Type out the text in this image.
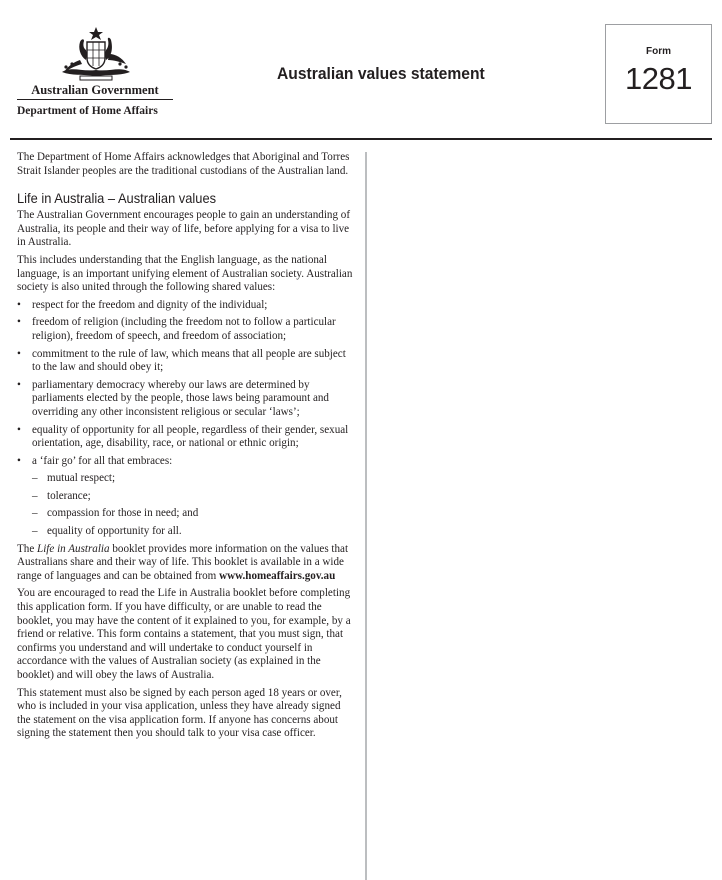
Australian Government
Department of Home Affairs
Australian values statement
Form
1281

The Department of Home Affairs acknowledges that Aboriginal and Torres Strait Islander peoples are the traditional custodians of the Australian land.

Life in Australia – Australian values

The Australian Government encourages people to gain an understanding of Australia, its people and their way of life, before applying for a visa to live in Australia.

This includes understanding that the English language, as the national language, is an important unifying element of Australian society. Australian society is also united through the following shared values:

• respect for the freedom and dignity of the individual;
• freedom of religion (including the freedom not to follow a particular religion), freedom of speech, and freedom of association;
• commitment to the rule of law, which means that all people are subject to the law and should obey it;
• parliamentary democracy whereby our laws are determined by parliaments elected by the people, those laws being paramount and overriding any other inconsistent religious or secular ‘laws’;
• equality of opportunity for all people, regardless of their gender, sexual orientation, age, disability, race, or national or ethnic origin;
• a ‘fair go’ for all that embraces:
– mutual respect;
– tolerance;
– compassion for those in need; and
– equality of opportunity for all.

The Life in Australia booklet provides more information on the values that Australians share and their way of life. This booklet is available in a wide range of languages and can be obtained from www.homeaffairs.gov.au

You are encouraged to read the Life in Australia booklet before completing this application form. If you have difficulty, or are unable to read the booklet, you may have the content of it explained to you, for example, by a friend or relative. This form contains a statement, that you must sign, that confirms you understand and will undertake to conduct yourself in accordance with the values of Australian society (as explained in the booklet) and will obey the laws of Australia.

This statement must also be signed by each person aged 18 years or over, who is included in your visa application, unless they have already signed the statement on the visa application form. If anyone has concerns about signing the statement then you should talk to your visa case officer.
